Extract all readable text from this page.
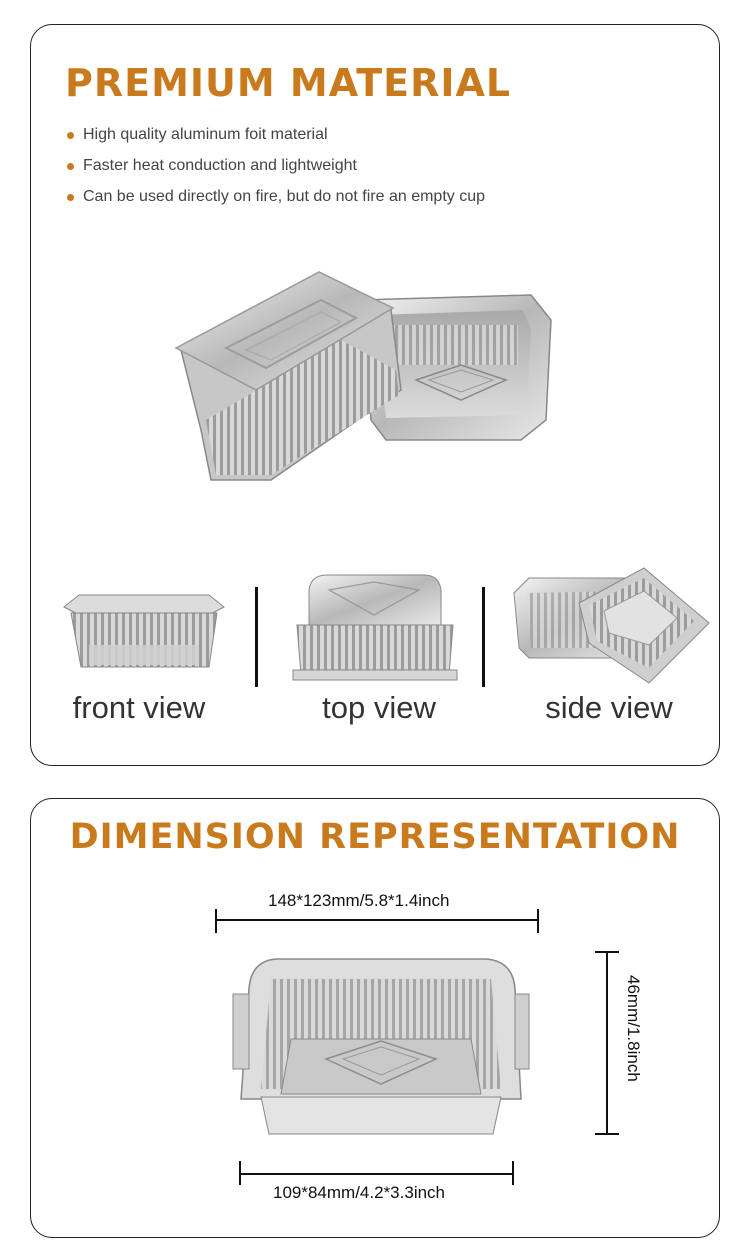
PREMIUM MATERIAL
High quality aluminum foit material
Faster heat conduction and lightweight
Can be used directly on fire, but do not fire an empty cup
front view	top view	side view
DIMENSION REPRESENTATION
148*123mm/5.8*1.4inch
46mm/1.8inch
109*84mm/4.2*3.3inch
